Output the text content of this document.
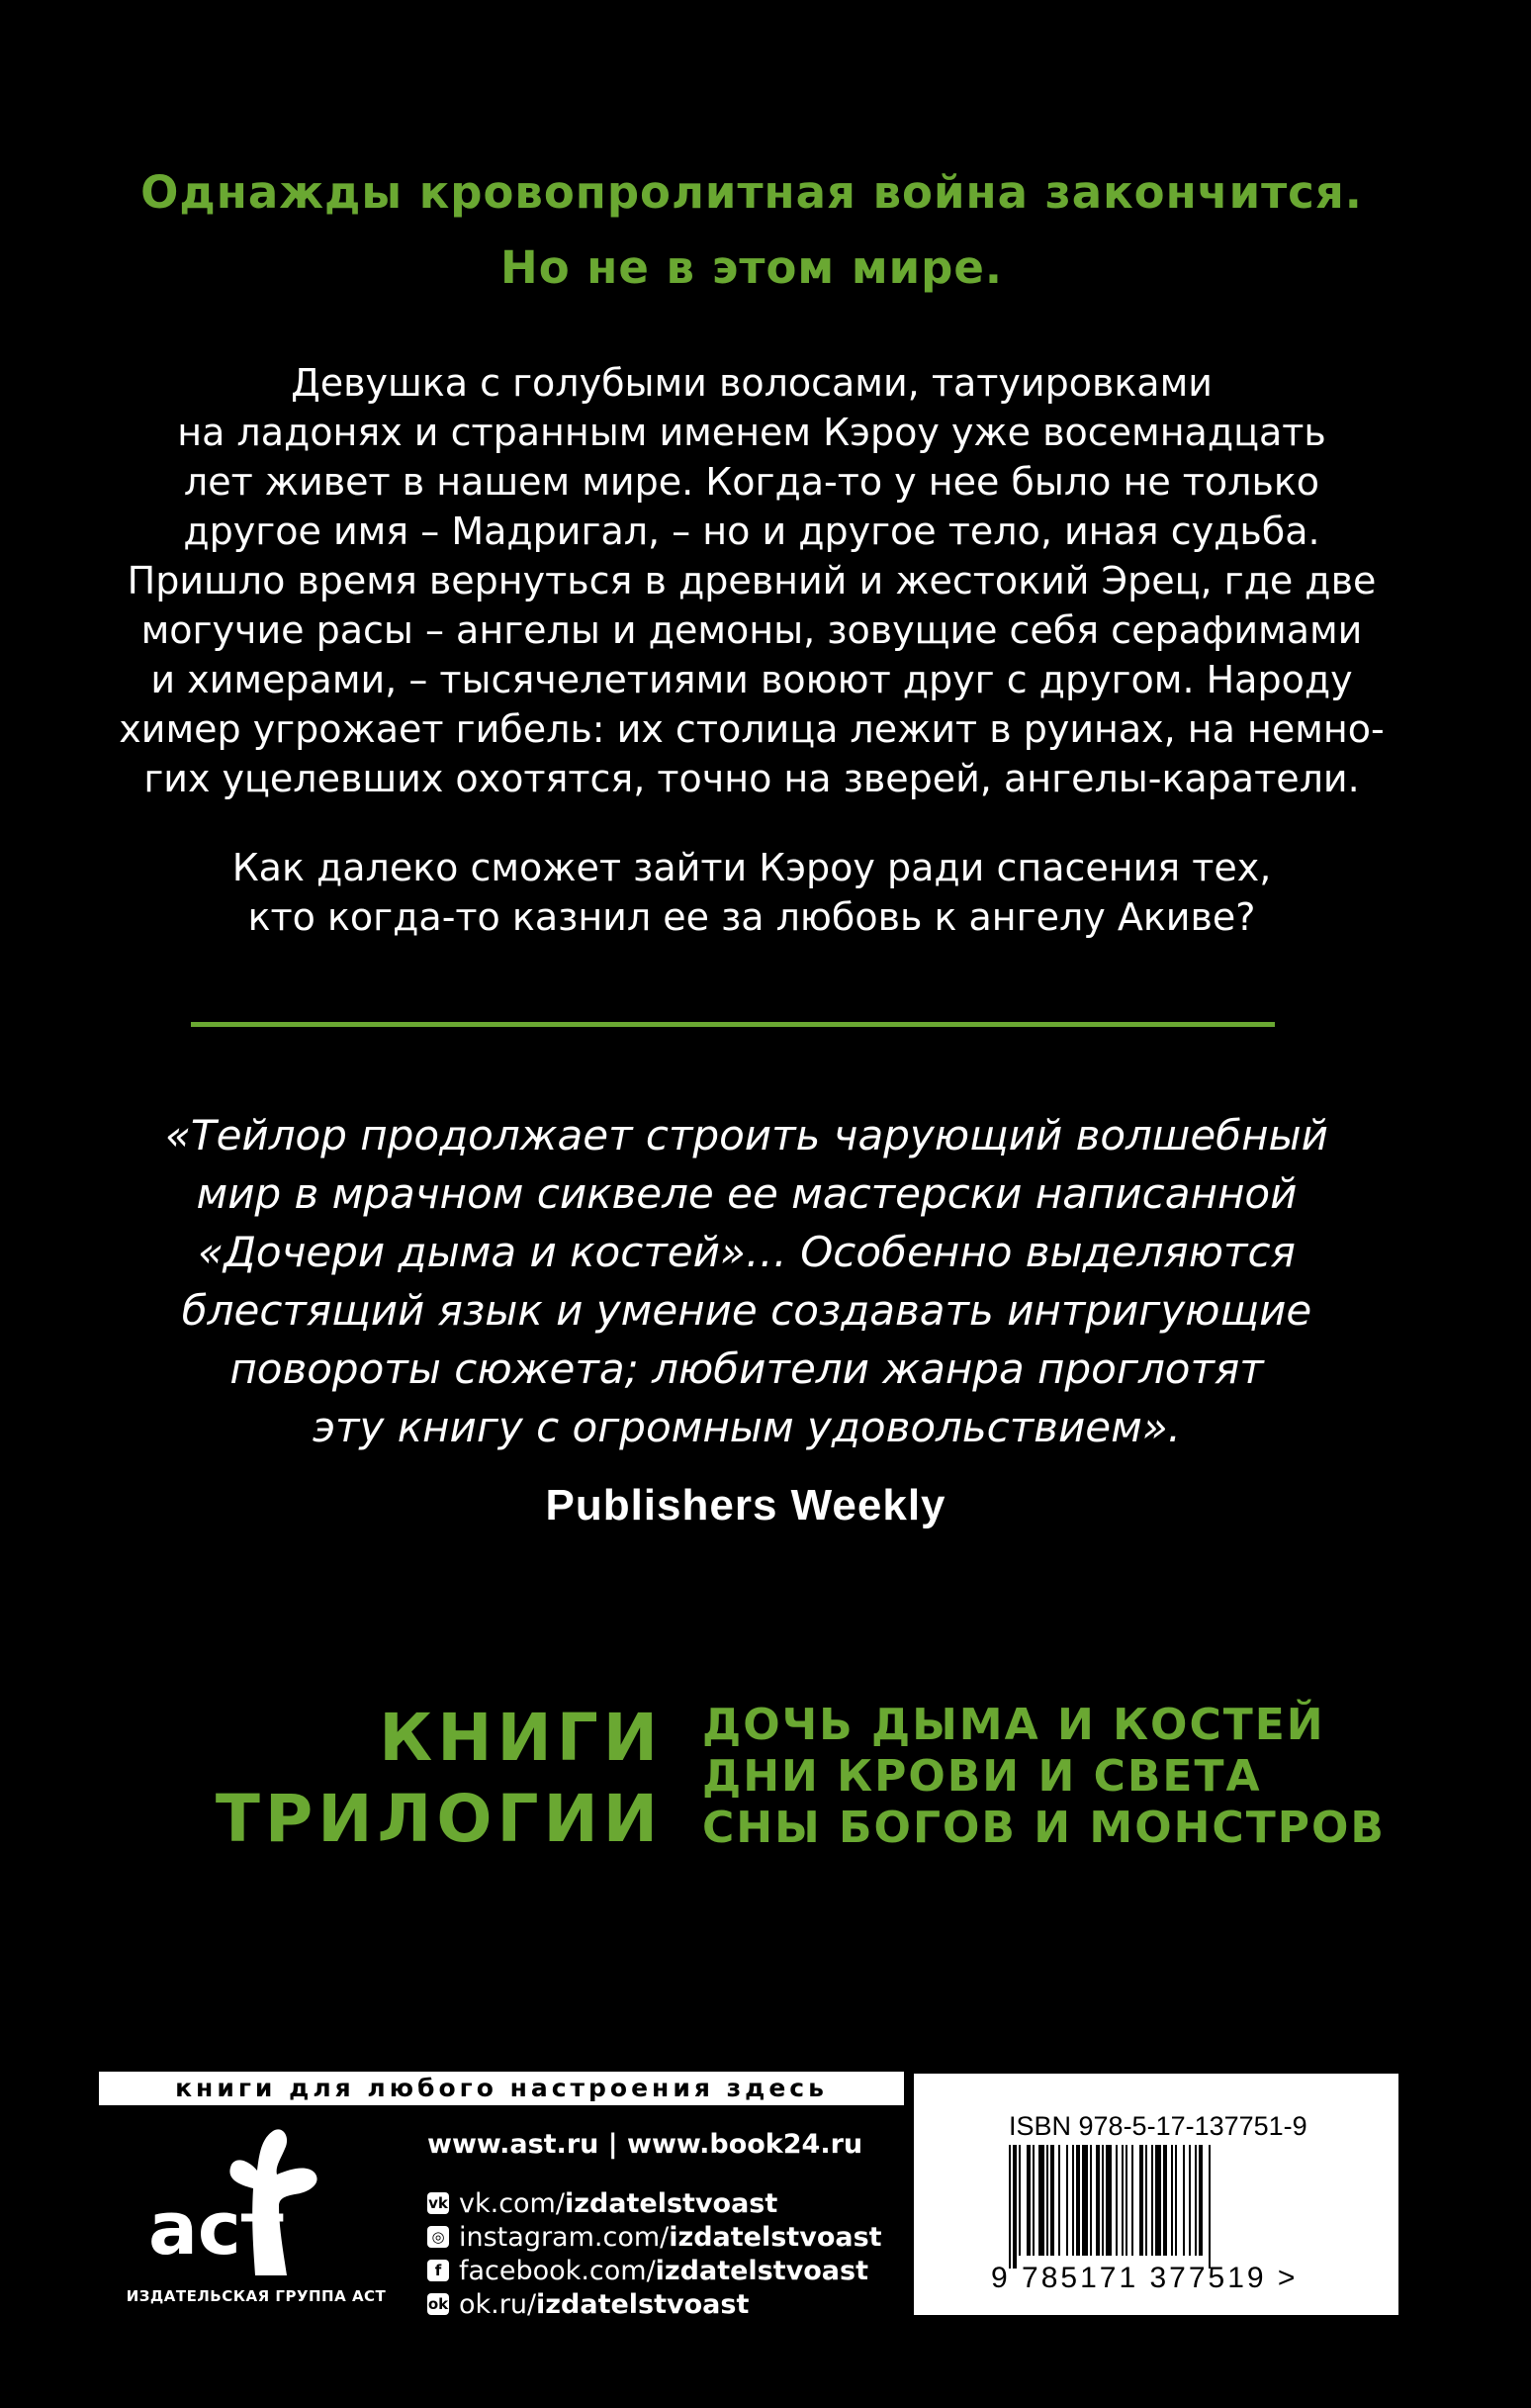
Однажды кровопролитная война закончится.
Но не в этом мире.
Девушка с голубыми волосами, татуировками
на ладонях и странным именем Кэроу уже восемнадцать
лет живет в нашем мире. Когда-то у нее было не только
другое имя – Мадригал, – но и другое тело, иная судьба.
Пришло время вернуться в древний и жестокий Эрец, где две
могучие расы – ангелы и демоны, зовущие себя серафимами
и химерами, – тысячелетиями воюют друг с другом. Народу
химер угрожает гибель: их столица лежит в руинах, на немно-
гих уцелевших охотятся, точно на зверей, ангелы-каратели.
Как далеко сможет зайти Кэроу ради спасения тех,
кто когда-то казнил ее за любовь к ангелу Акиве?
«Тейлор продолжает строить чарующий волшебный
мир в мрачном сиквеле ее мастерски написанной
«Дочери дыма и костей»… Особенно выделяются
блестящий язык и умение создавать интригующие
повороты сюжета; любители жанра проглотят
эту книгу с огромным удовольствием».
Publishers Weekly
КНИГИ
ТРИЛОГИИ
ДОЧЬ ДЫМА И КОСТЕЙ
ДНИ КРОВИ И СВЕТА
СНЫ БОГОВ И МОНСТРОВ
книги для любого настроения здесь
аст
ИЗДАТЕЛЬСКАЯ ГРУППА АСТ
www.ast.ru | www.book24.ru
vk vk.com/ izdatelstvoast
◎ instagram.com/ izdatelstvoast
f facebook.com/ izdatelstvoast
ok ok.ru/ izdatelstvoast
ISBN 978-5-17-137751-9
9 785171 377519 >
